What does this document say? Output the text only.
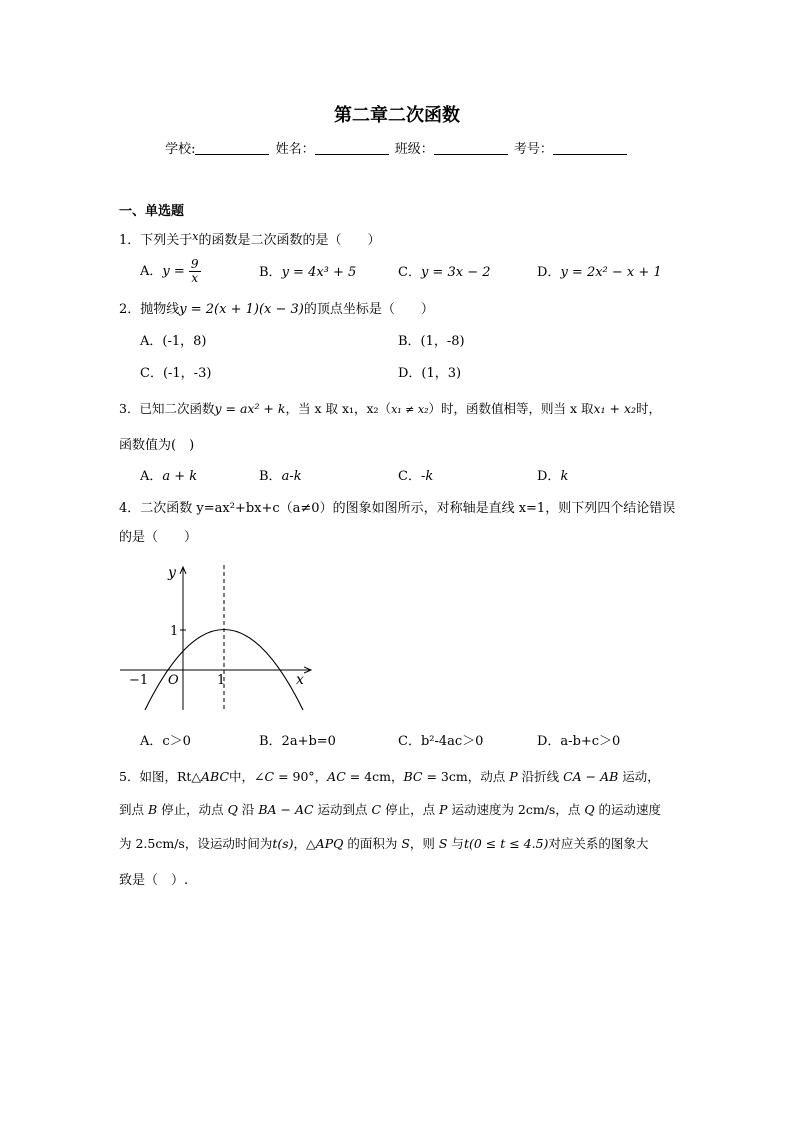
第二章二次函数
学校:	姓名：	班级：	考号：
一、单选题
1．下列关于$^x$的函数是二次函数的是（　　）
A．$y = \frac{9}{x}$	B．y = 4x³ + 5	C．y = 3x − 2	D．y = 2x² − x + 1
2．抛物线y = 2(x + 1)(x − 3)的顶点坐标是（　　）
A．(-1，8)	B．(1，-8)
C．(-1，-3)	D．(1，3)
3．已知二次函数y = ax² + k，当 x 取 x₁，x₂（x₁ ≠ x₂）时，函数值相等，则当 x 取x₁ + x₂时，
函数值为(　)
A．a + k	B．a-k	C．-k	D．k
4．二次函数 y=ax²+bx+c（a≠0）的图象如图所示，对称轴是直线 x=1，则下列四个结论错误
的是（　　）
y
x
O
−1	1
1
A．c＞0	B．2a+b=0	C．b²-4ac＞0	D．a-b+c＞0
5．如图，Rt△ABC中，∠C = 90°，AC = 4cm，BC = 3cm，动点 P 沿折线 CA − AB 运动，
到点 B 停止，动点 Q 沿 BA − AC 运动到点 C 停止，点 P 运动速度为 2cm/s，点 Q 的运动速度
为 2.5cm/s，设运动时间为t(s)，△APQ 的面积为 S，则 S 与t(0 ≤ t ≤ 4.5)对应关系的图象大
致是（　）.
